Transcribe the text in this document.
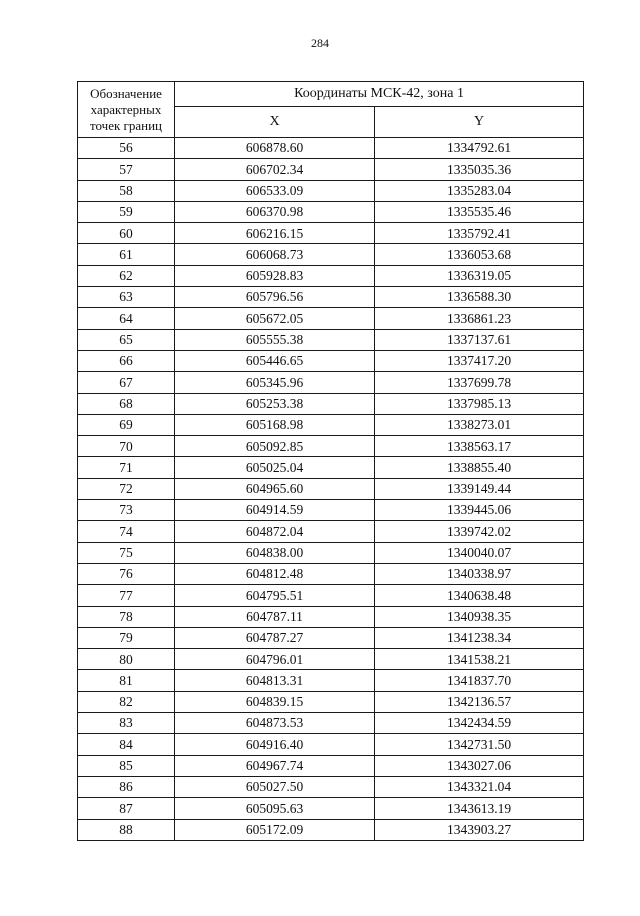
284
Обозначение характерных точек границ	Координаты МСК-42, зона 1	
	X	Y
56	606878.60	1334792.61
57	606702.34	1335035.36
58	606533.09	1335283.04
59	606370.98	1335535.46
60	606216.15	1335792.41
61	606068.73	1336053.68
62	605928.83	1336319.05
63	605796.56	1336588.30
64	605672.05	1336861.23
65	605555.38	1337137.61
66	605446.65	1337417.20
67	605345.96	1337699.78
68	605253.38	1337985.13
69	605168.98	1338273.01
70	605092.85	1338563.17
71	605025.04	1338855.40
72	604965.60	1339149.44
73	604914.59	1339445.06
74	604872.04	1339742.02
75	604838.00	1340040.07
76	604812.48	1340338.97
77	604795.51	1340638.48
78	604787.11	1340938.35
79	604787.27	1341238.34
80	604796.01	1341538.21
81	604813.31	1341837.70
82	604839.15	1342136.57
83	604873.53	1342434.59
84	604916.40	1342731.50
85	604967.74	1343027.06
86	605027.50	1343321.04
87	605095.63	1343613.19
88	605172.09	1343903.27
